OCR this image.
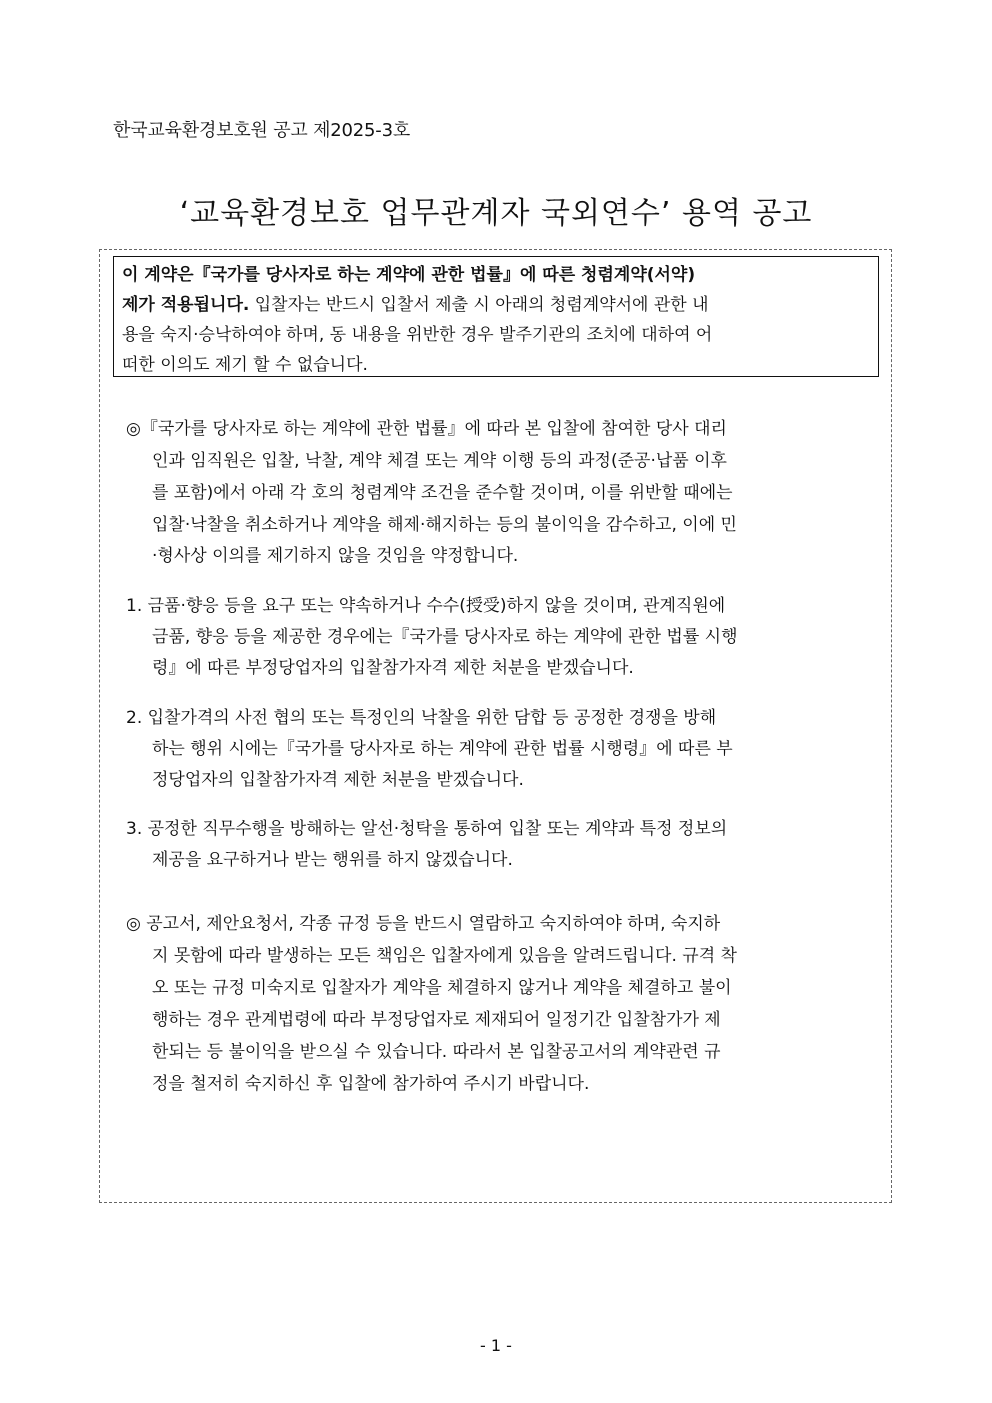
한국교육환경보호원 공고 제2025-3호
‘교육환경보호 업무관계자 국외연수’ 용역 공고
이 계약은『국가를 당사자로 하는 계약에 관한 법률』에 따른 청렴계약(서약)
제가 적용됩니다. 입찰자는 반드시 입찰서 제출 시 아래의 청렴계약서에 관한 내
용을 숙지·승낙하여야 하며, 동 내용을 위반한 경우 발주기관의 조치에 대하여 어
떠한 이의도 제기 할 수 없습니다.
◎『국가를 당사자로 하는 계약에 관한 법률』에 따라 본 입찰에 참여한 당사 대리
인과 임직원은 입찰, 낙찰, 계약 체결 또는 계약 이행 등의 과정(준공·납품 이후
를 포함)에서 아래 각 호의 청렴계약 조건을 준수할 것이며, 이를 위반할 때에는
입찰·낙찰을 취소하거나 계약을 해제·해지하는 등의 불이익을 감수하고, 이에 민
·형사상 이의를 제기하지 않을 것임을 약정합니다.
1. 금품·향응 등을 요구 또는 약속하거나 수수(授受)하지 않을 것이며, 관계직원에
금품, 향응 등을 제공한 경우에는『국가를 당사자로 하는 계약에 관한 법률 시행
령』에 따른 부정당업자의 입찰참가자격 제한 처분을 받겠습니다.
2. 입찰가격의 사전 협의 또는 특정인의 낙찰을 위한 담합 등 공정한 경쟁을 방해
하는 행위 시에는『국가를 당사자로 하는 계약에 관한 법률 시행령』에 따른 부
정당업자의 입찰참가자격 제한 처분을 받겠습니다.
3. 공정한 직무수행을 방해하는 알선·청탁을 통하여 입찰 또는 계약과 특정 정보의
제공을 요구하거나 받는 행위를 하지 않겠습니다.
◎ 공고서, 제안요청서, 각종 규정 등을 반드시 열람하고 숙지하여야 하며, 숙지하
지 못함에 따라 발생하는 모든 책임은 입찰자에게 있음을 알려드립니다. 규격 착
오 또는 규정 미숙지로 입찰자가 계약을 체결하지 않거나 계약을 체결하고 불이
행하는 경우 관계법령에 따라 부정당업자로 제재되어 일정기간 입찰참가가 제
한되는 등 불이익을 받으실 수 있습니다. 따라서 본 입찰공고서의 계약관련 규
정을 철저히 숙지하신 후 입찰에 참가하여 주시기 바랍니다.
- 1 -
